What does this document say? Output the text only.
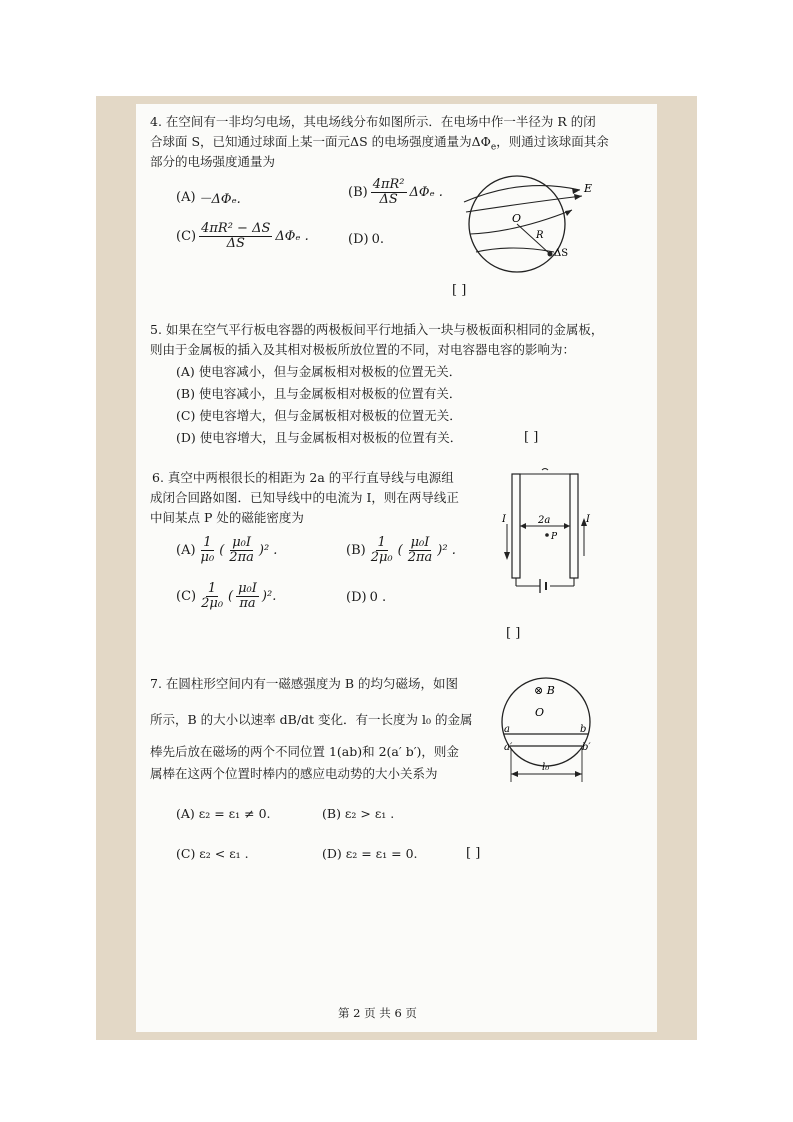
4. 在空间有一非均匀电场，其电场线分布如图所示．在电场中作一半径为 R 的闭
合球面 S，已知通过球面上某一面元ΔS 的电场强度通量为$\Delta\Phi_e$，则通过该球面其余
部分的电场强度通量为
(A) －ΔΦₑ.	$(B) \frac{\text{4πR²}}{\Delta S}$ ΔΦₑ .
$(C) \frac{\text{4πR² − ΔS}}{\Delta S}$ ΔΦₑ .	(D) 0.
[ ]
E
O
R
ΔS
5. 如果在空气平行板电容器的两极板间平行地插入一块与极板面积相同的金属板，
则由于金属板的插入及其相对极板所放位置的不同，对电容器电容的影响为：
(A) 使电容减小，但与金属板相对极板的位置无关．
(B) 使电容减小，且与金属板相对极板的位置有关．
(C) 使电容增大，但与金属板相对极板的位置无关．
(D) 使电容增大，且与金属板相对极板的位置有关．	[ ]
6. 真空中两根很长的相距为 2a 的平行直导线与电源组
成闭合回路如图．已知导线中的电流为 I，则在两导线正
中间某点 P 处的磁能密度为
$(A) \frac{1}{\text{μ₀}}$ ( $\frac{\text{μ₀I}}{2\pi a} )^2$ .	$(B) \frac{1}{\text{2μ₀}}$ ( $\frac{\text{μ₀I}}{2\pi a} )^2$ .
$(C) \frac{1}{\text{2μ₀}}$ ( $\frac{\text{μ₀I}}{\pi a} )^2$.	(D) 0 .
[ ]
I	I
2a
P
7. 在圆柱形空间内有一磁感强度为 B 的均匀磁场，如图
所示，B 的大小以速率 dB/dt 变化．有一长度为 l₀ 的金属
棒先后放在磁场的两个不同位置 1(ab)和 2(a′ b′)，则金
属棒在这两个位置时棒内的感应电动势的大小关系为
(A) ε₂ = ε₁ ≠ 0.	(B) ε₂ > ε₁ .
(C) ε₂ < ε₁ .	(D) ε₂ = ε₁ = 0.	[ ]
⊗ B
O
a	b
a′	b′
l₀
第 2 页 共 6 页
